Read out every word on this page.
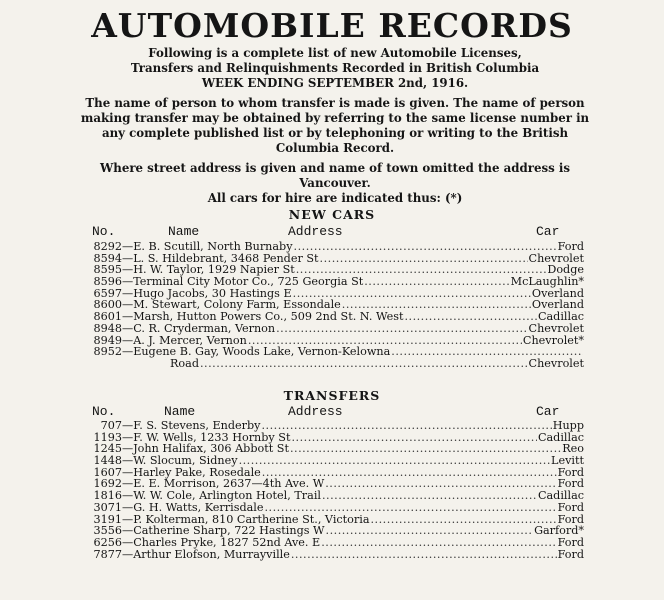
AUTOMOBILE RECORDS
Following is a complete list of new Automobile Licenses,
Transfers and Relinquishments Recorded in British Columbia
WEEK ENDING SEPTEMBER 2nd, 1916.
The name of person to whom transfer is made is given. The name of person making transfer may be obtained by referring to the same license number in any complete published list or by telephoning or writing to the British Columbia Record.
Where street address is given and name of town omitted the address is Vancouver.
All cars for hire are indicated thus: (*)
NEW CARS
No.	Name	Address	Car
8292 — E. B. Scutill, North Burnaby .....	Ford
8594 — L. S. Hildebrant, 3468 Pender St .....	Chevrolet
8595 — H. W. Taylor, 1929 Napier St .....	Dodge
8596 — Terminal City Motor Co., 725 Georgia St .....	McLaughlin*
6597 — Hugo Jacobs, 30 Hastings E .....	Overland
8600 — M. Stewart, Colony Farm, Essondale .....	Overland
8601 — Marsh, Hutton Powers Co., 509 2nd St. N. West .....	Cadillac
8948 — C. R. Cryderman, Vernon .....	Chevrolet
8949 — A. J. Mercer, Vernon .....	Chevrolet*
8952 — Eugene B. Gay, Woods Lake, Vernon-Kelowna
.....
Road .....	Chevrolet
TRANSFERS
No.	Name	Address	Car
707 — F. S. Stevens, Enderby .....	Hupp
1193 — F. W. Wells, 1233 Hornby St .....	Cadillac
1245 — John Halifax, 306 Abbott St .....	Reo
1448 — W. Slocum, Sidney .....	Levitt
1607 — Harley Pake, Rosedale .....	Ford
1692 — E. E. Morrison, 2637—4th Ave. W .....	Ford
1816 — W. W. Cole, Arlington Hotel, Trail .....	Cadillac
3071 — G. H. Watts, Kerrisdale .....	Ford
3191 — P. Kolterman, 810 Cartherine St., Victoria .....	Ford
3556 — Catherine Sharp, 722 Hastings W .....	Garford*
6256 — Charles Pryke, 1827 52nd Ave. E .....	Ford
7877 — Arthur Elofson, Murrayville .....	Ford
